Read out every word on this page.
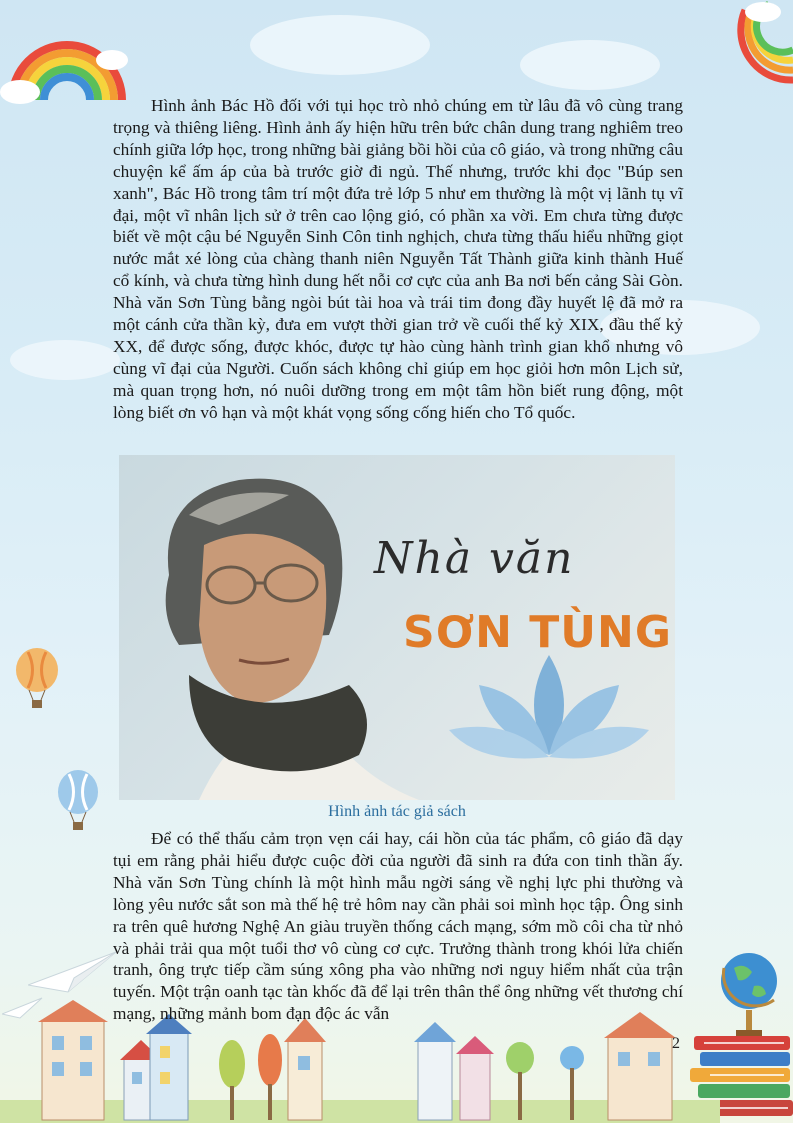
Hình ảnh Bác Hồ đối với tụi học trò nhỏ chúng em từ lâu đã vô cùng trang trọng và thiêng liêng. Hình ảnh ấy hiện hữu trên bức chân dung trang nghiêm treo chính giữa lớp học, trong những bài giảng bồi hồi của cô giáo, và trong những câu chuyện kể ấm áp của bà trước giờ đi ngủ. Thế nhưng, trước khi đọc "Búp sen xanh", Bác Hồ trong tâm trí một đứa trẻ lớp 5 như em thường là một vị lãnh tụ vĩ đại, một vĩ nhân lịch sử ở trên cao lộng gió, có phần xa vời. Em chưa từng được biết về một cậu bé Nguyễn Sinh Côn tinh nghịch, chưa từng thấu hiểu những giọt nước mắt xé lòng của chàng thanh niên Nguyễn Tất Thành giữa kinh thành Huế cổ kính, và chưa từng hình dung hết nỗi cơ cực của anh Ba nơi bến cảng Sài Gòn. Nhà văn Sơn Tùng bằng ngòi bút tài hoa và trái tim đong đầy huyết lệ đã mở ra một cánh cửa thần kỳ, đưa em vượt thời gian trở về cuối thế kỷ XIX, đầu thế kỷ XX, để được sống, được khóc, được tự hào cùng hành trình gian khổ nhưng vô cùng vĩ đại của Người. Cuốn sách không chỉ giúp em học giỏi hơn môn Lịch sử, mà quan trọng hơn, nó nuôi dưỡng trong em một tâm hồn biết rung động, một lòng biết ơn vô hạn và một khát vọng sống cống hiến cho Tổ quốc.

Nhà văn
SƠN TÙNG
Hình ảnh tác giả sách

Để có thể thấu cảm trọn vẹn cái hay, cái hồn của tác phẩm, cô giáo đã dạy tụi em rằng phải hiểu được cuộc đời của người đã sinh ra đứa con tinh thần ấy. Nhà văn Sơn Tùng chính là một hình mẫu ngời sáng về nghị lực phi thường và lòng yêu nước sắt son mà thế hệ trẻ hôm nay cần phải soi mình học tập. Ông sinh ra trên quê hương Nghệ An giàu truyền thống cách mạng, sớm mồ côi cha từ nhỏ và phải trải qua một tuổi thơ vô cùng cơ cực. Trưởng thành trong khói lửa chiến tranh, ông trực tiếp cầm súng xông pha vào những nơi nguy hiểm nhất của trận tuyến. Một trận oanh tạc tàn khốc đã để lại trên thân thể ông những vết thương chí mạng, những mảnh bom đạn độc ác vẫn

2
